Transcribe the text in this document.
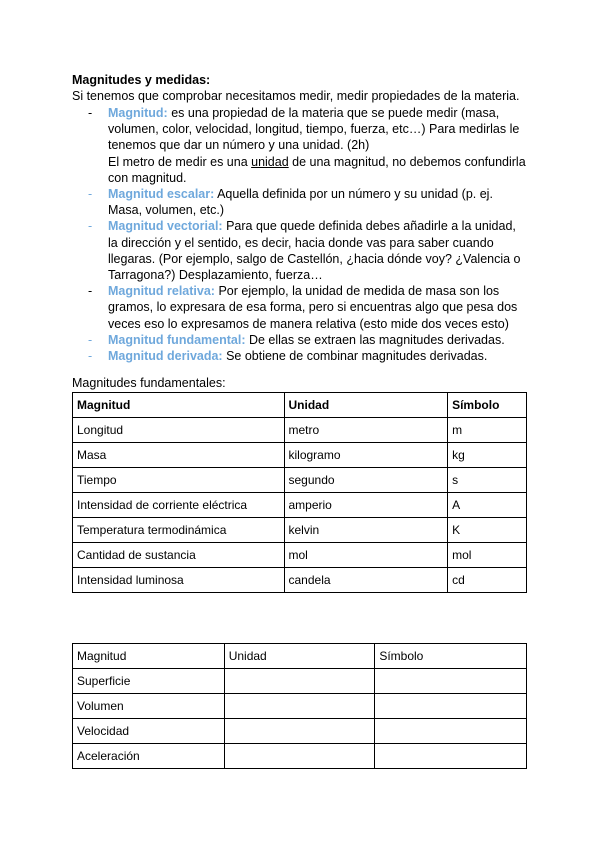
Magnitudes y medidas:
Si tenemos que comprobar necesitamos medir, medir propiedades de la materia.
- Magnitud: es una propiedad de la materia que se puede medir (masa, volumen, color, velocidad, longitud, tiempo, fuerza, etc…) Para medirlas le tenemos que dar un número y una unidad. (2h)
El metro de medir es una unidad de una magnitud, no debemos confundirla con magnitud.
- Magnitud escalar: Aquella definida por un número y su unidad (p. ej. Masa, volumen, etc.)
- Magnitud vectorial: Para que quede definida debes añadirle a la unidad, la dirección y el sentido, es decir, hacia donde vas para saber cuando llegaras. (Por ejemplo, salgo de Castellón, ¿hacia dónde voy? ¿Valencia o Tarragona?) Desplazamiento, fuerza…
- Magnitud relativa: Por ejemplo, la unidad de medida de masa son los gramos, lo expresara de esa forma, pero si encuentras algo que pesa dos veces eso lo expresamos de manera relativa (esto mide dos veces esto)
- Magnitud fundamental: De ellas se extraen las magnitudes derivadas.
- Magnitud derivada: Se obtiene de combinar magnitudes derivadas.
Magnitudes fundamentales:
Magnitud	Unidad	Símbolo
Longitud	metro	m
Masa	kilogramo	kg
Tiempo	segundo	s
Intensidad de corriente eléctrica	amperio	A
Temperatura termodinámica	kelvin	K
Cantidad de sustancia	mol	mol
Intensidad luminosa	candela	cd
Magnitud	Unidad	Símbolo
Superficie		
Volumen		
Velocidad		
Aceleración		
